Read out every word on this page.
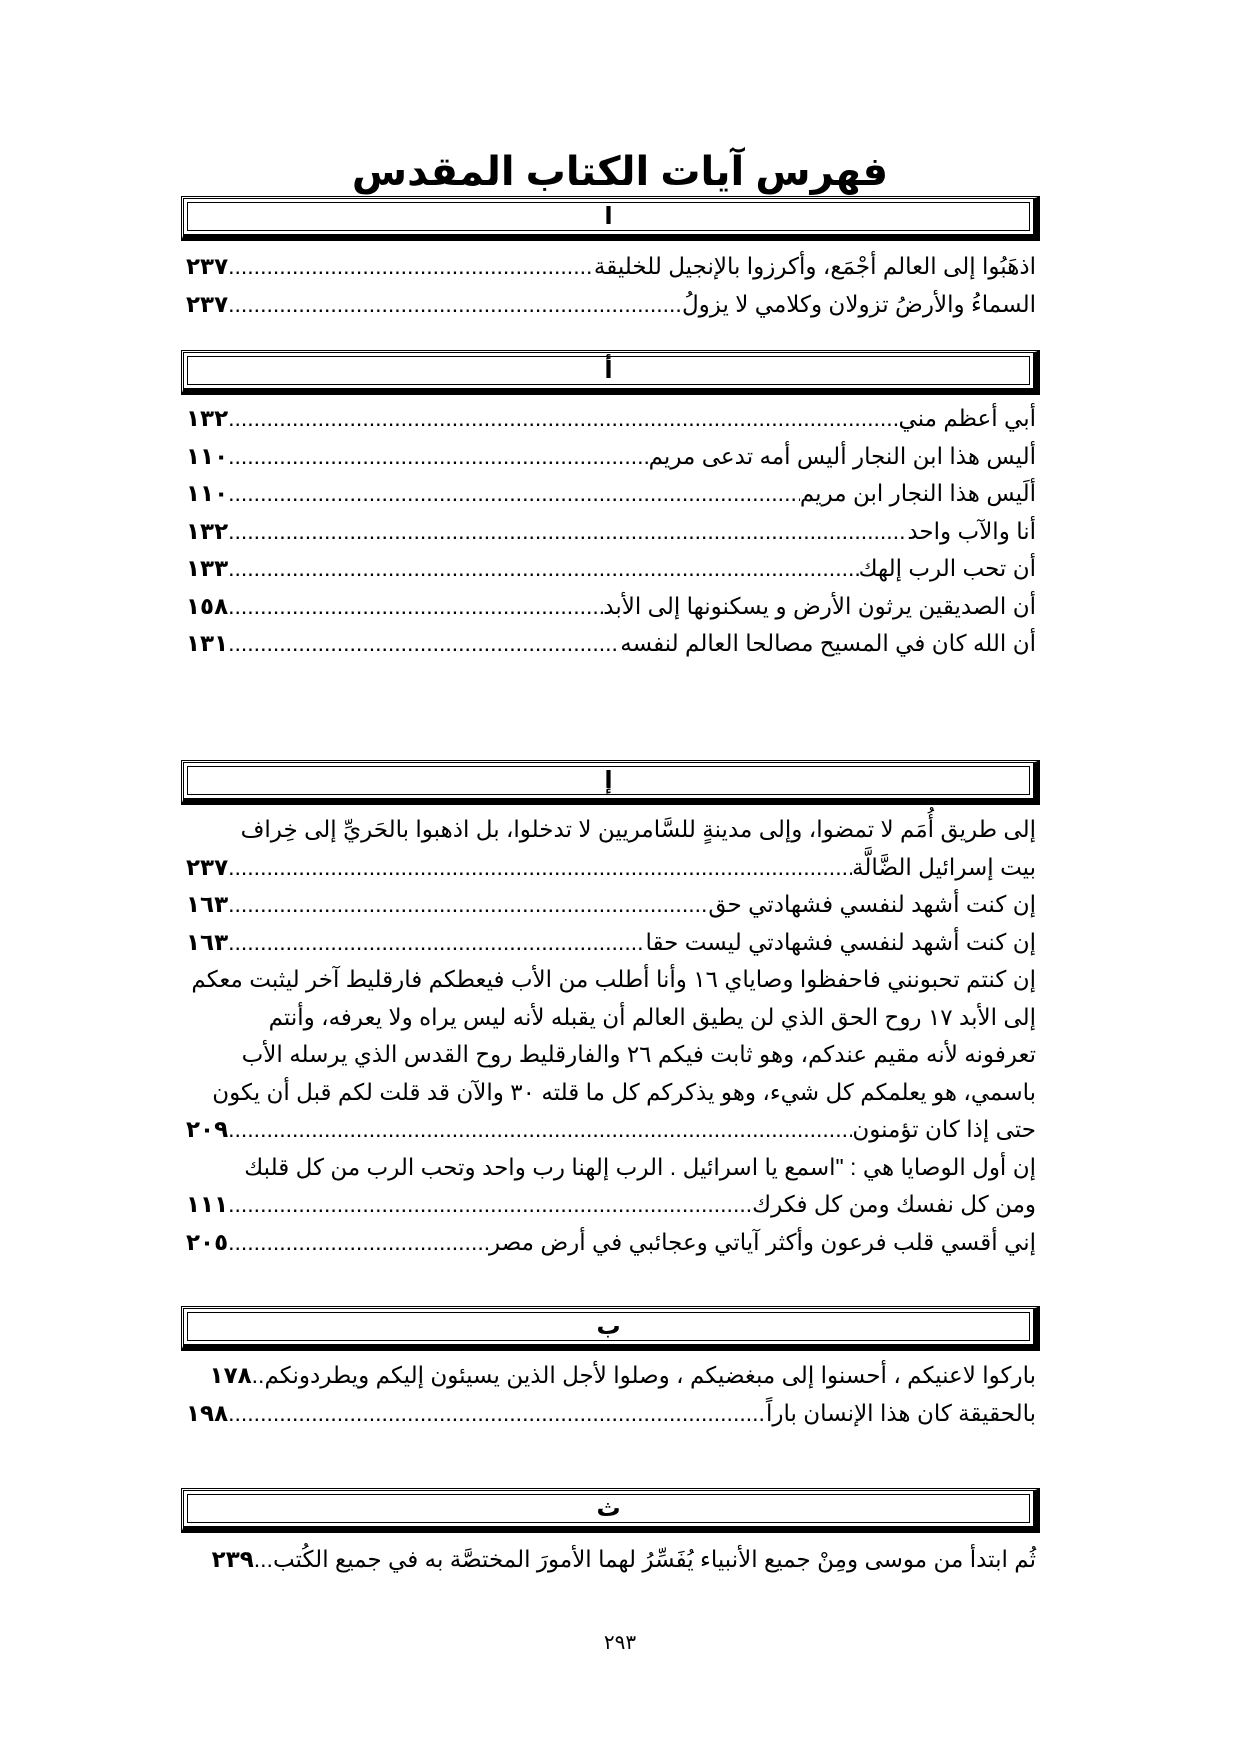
فهرس آيات الكتاب المقدس
ا
اذهَبُوا إلى العالم أجْمَع، وأكرزوا بالإنجيل للخليقة
.....
٢٣٧
السماءُ والأرضُ تزولان وكلامي لا يزولُ
.....
٢٣٧
أ
أبي أعظم مني
.....
١٣٢
أليس هذا ابن النجار أليس أمه تدعى مريم
.....
١١٠
ألَيس هذا النجار ابن مريم
.....
١١٠
أنا والآب واحد
.....
١٣٢
أن تحب الرب إلهك
.....
١٣٣
أن الصديقين يرثون الأرض و يسكنونها إلى الأبد
.....
١٥٨
أن الله كان في المسيح مصالحا العالم لنفسه
.....
١٣١
إ
إلى طريق أُمَم لا تمضوا، وإلى مدينةٍ للسَّامريين لا تدخلوا، بل اذهبوا بالحَريِّ إلى خِراف
بيت إسرائيل الضَّالَّة
.....
٢٣٧
إن كنت أشهد لنفسي فشهادتي حق
.....
١٦٣
إن كنت أشهد لنفسي فشهادتي ليست حقا
.....
١٦٣
إن كنتم تحبونني فاحفظوا وصاياي ١٦ وأنا أطلب من الأب فيعطكم فارقليط آخر ليثبت معكم
إلى الأبد ١٧ روح الحق الذي لن يطيق العالم أن يقبله لأنه ليس يراه ولا يعرفه، وأنتم
تعرفونه لأنه مقيم عندكم، وهو ثابت فيكم ٢٦ والفارقليط روح القدس الذي يرسله الأب
باسمي، هو يعلمكم كل شيء، وهو يذكركم كل ما قلته ٣٠ والآن قد قلت لكم قبل أن يكون
حتى إذا كان تؤمنون
.....
٢٠٩
إن أول الوصايا هي : "اسمع يا اسرائيل . الرب إلهنا رب واحد وتحب الرب من كل قلبك
ومن كل نفسك ومن كل فكرك
.....
١١١
إني أقسي قلب فرعون وأكثر آياتي وعجائبي في أرض مصر
.....
٢٠٥
ب
باركوا لاعنيكم ، أحسنوا إلى مبغضيكم ، وصلوا لأجل الذين يسيئون إليكم ويطردونكم
..
١٧٨
بالحقيقة كان هذا الإنسان باراً
.....
١٩٨
ث
ثُم ابتدأ من موسى ومِنْ جميع الأنبياء يُفَسِّرُ لهما الأمورَ المختصَّة به في جميع الكُتب
...
٢٣٩
٢٩٣
